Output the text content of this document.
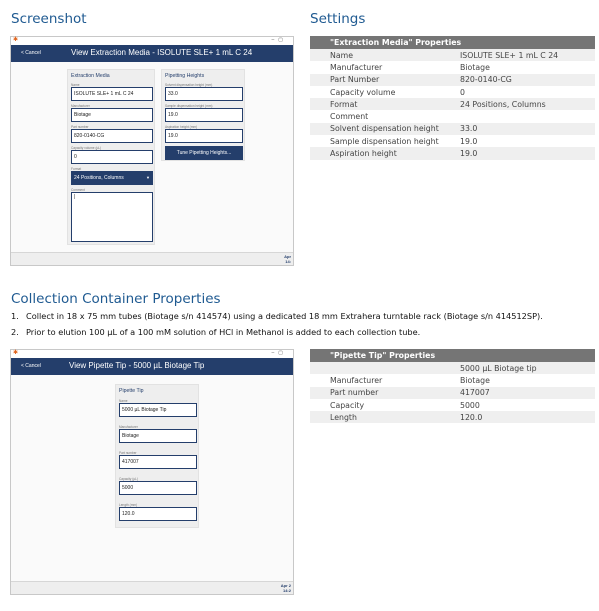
Screenshot	Settings
✱	–▢
< Cancel	View Extraction Media - ISOLUTE SLE+ 1 mL C 24
Extraction Media
Name
ISOLUTE SLE+ 1 mL C 24
Manufacturer
Biotage
Part number
820-0140-CG
Capacity volume (µL)
0
Format
24 Positions, Columns	▼
Comment
|
Pipetting Heights
Solvent dispensation height (mm)
33.0
Sample dispensation height (mm)
19.0
Aspiration height (mm)
19.0
Tune Pipetting Heights...
Apr
14:
"Extraction Media" Properties	
Name	ISOLUTE SLE+ 1 mL C 24
Manufacturer	Biotage
Part Number	820-0140-CG
Capacity volume	0
Format	24 Positions, Columns
Comment	
Solvent dispensation height	33.0
Sample dispensation height	19.0
Aspiration height	19.0
Collection Container Properties
1. Collect in 18 x 75 mm tubes (Biotage s/n 414574) using a dedicated 18 mm Extrahera turntable rack (Biotage s/n 414512SP).
2. Prior to elution 100 µL of a 100 mM solution of HCl in Methanol is added to each collection tube.
✱	–▢
< Cancel	View Pipette Tip - 5000 µL Biotage Tip
Pipette Tip
Name
5000 µL Biotage Tip
Manufacturer
Biotage
Part number
417007
Capacity (µL)
5000
Length (mm)
120.0
Apr 2
14:2
"Pipette Tip" Properties	
	5000 µL Biotage tip
Manufacturer	Biotage
Part number	417007
Capacity	5000
Length	120.0
